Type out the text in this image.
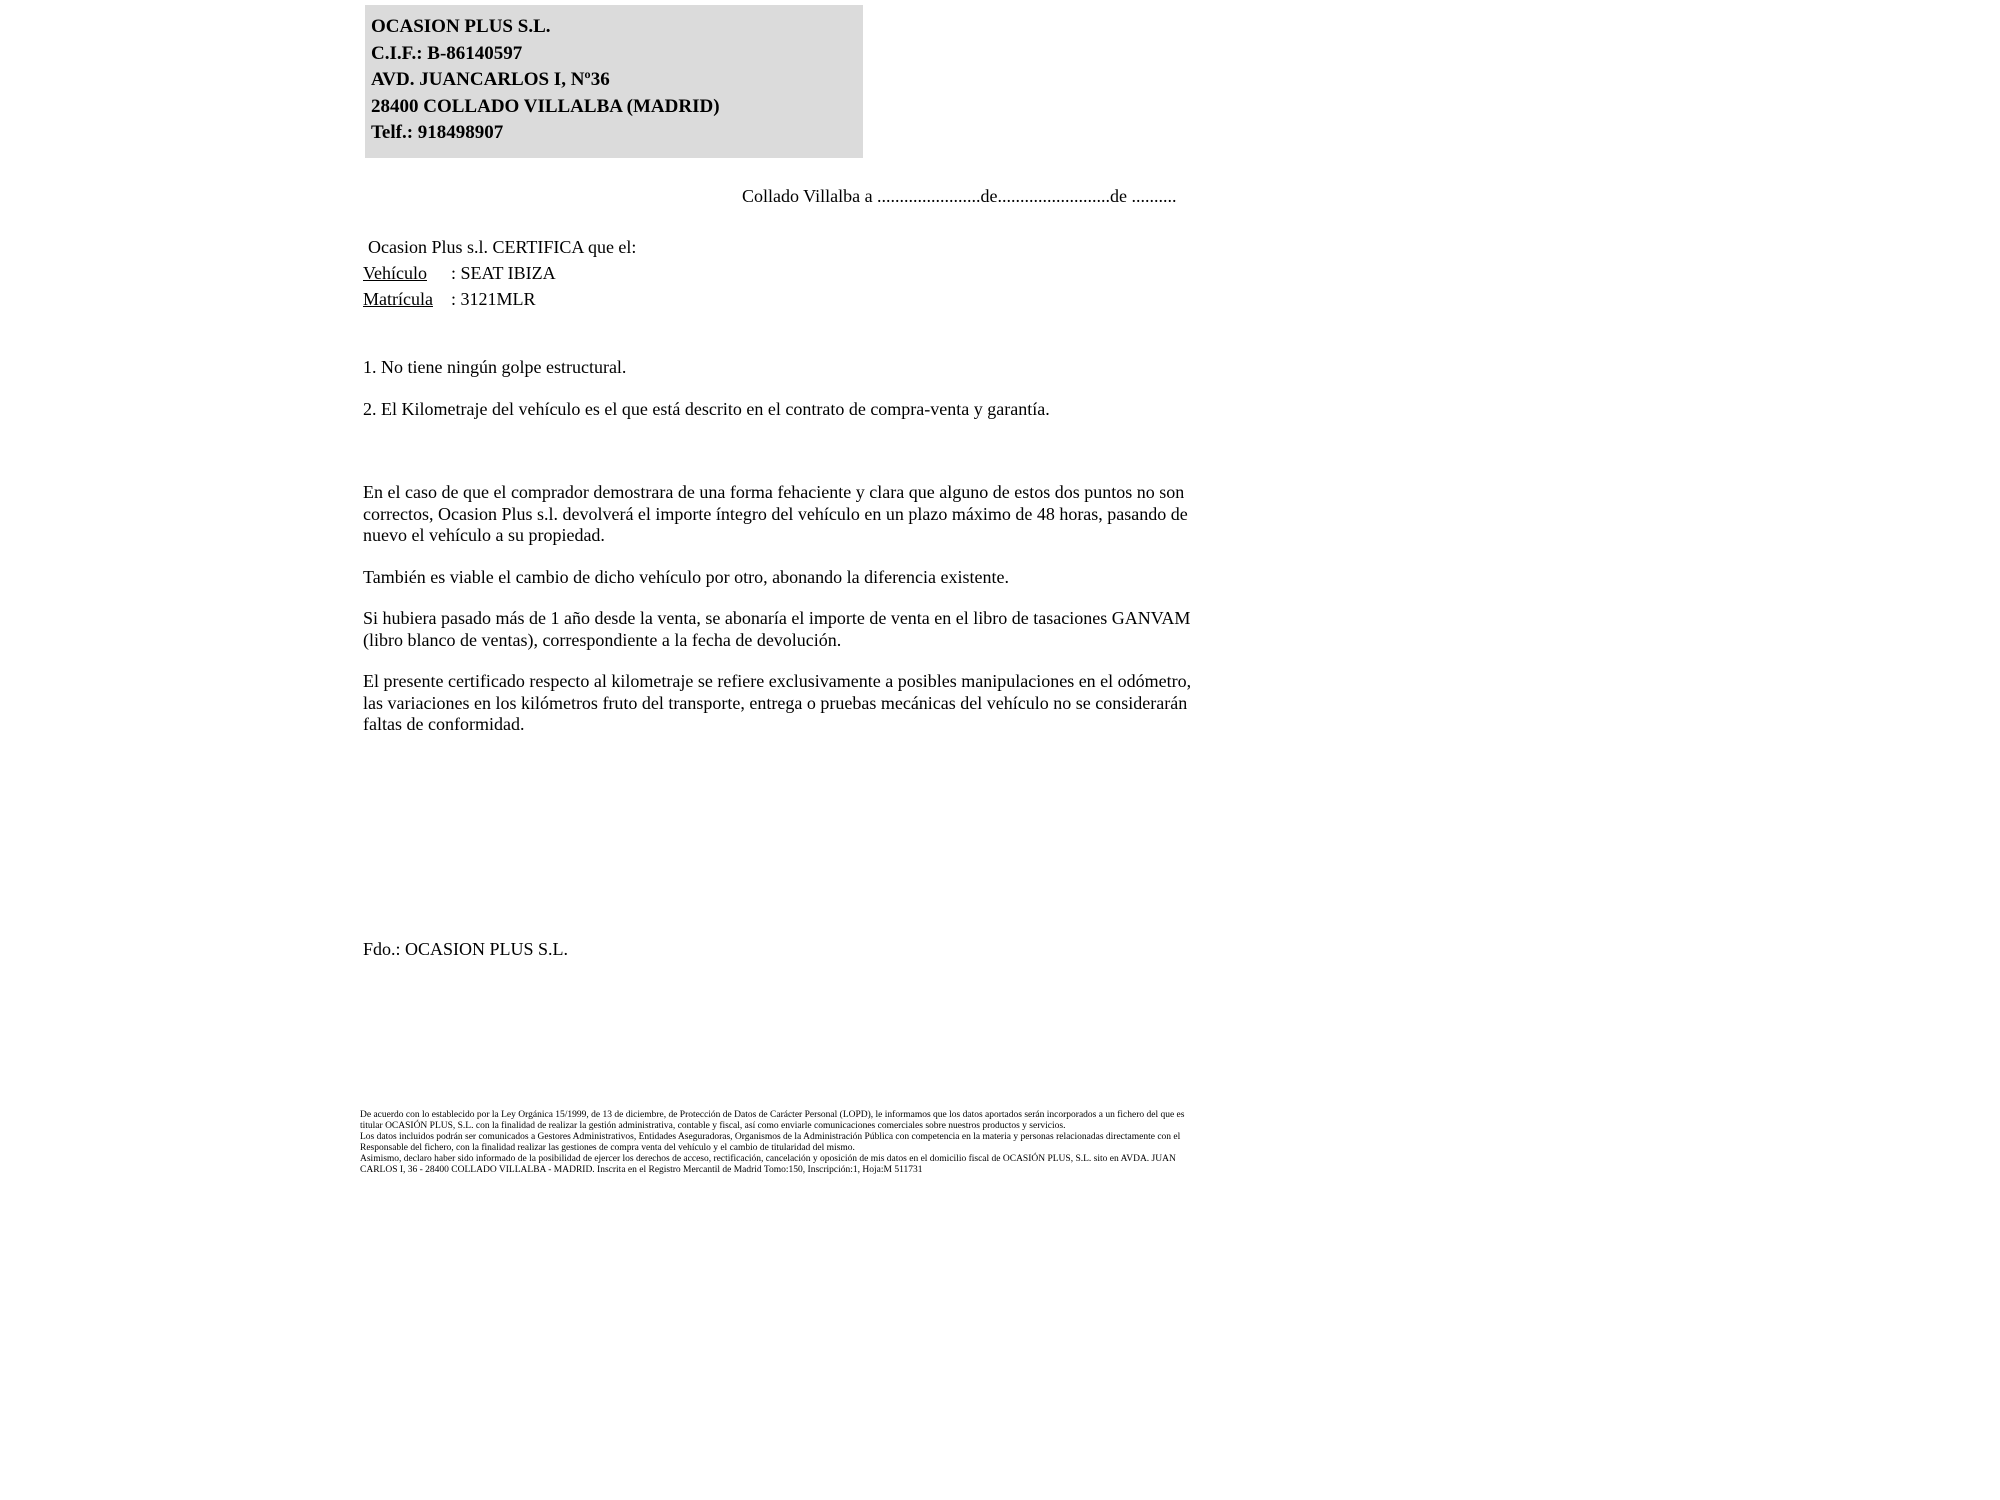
OCASION PLUS S.L.
C.I.F.: B-86140597
AVD. JUANCARLOS I, Nº36
28400 COLLADO VILLALBA (MADRID)
Telf.: 918498907
Collado Villalba a .......................de.........................de ..........
Ocasion Plus s.l. CERTIFICA que el:
Vehículo : SEAT IBIZA
Matrícula : 3121MLR

1. No tiene ningún golpe estructural.

2. El Kilometraje del vehículo es el que está descrito en el contrato de compra-venta y garantía.

En el caso de que el comprador demostrara de una forma fehaciente y clara que alguno de estos dos puntos no son correctos, Ocasion Plus s.l. devolverá el importe íntegro del vehículo en un plazo máximo de 48 horas, pasando de nuevo el vehículo a su propiedad.

También es viable el cambio de dicho vehículo por otro, abonando la diferencia existente.

Si hubiera pasado más de 1 año desde la venta, se abonaría el importe de venta en el libro de tasaciones GANVAM (libro blanco de ventas), correspondiente a la fecha de devolución.

El presente certificado respecto al kilometraje se refiere exclusivamente a posibles manipulaciones en el odómetro, las variaciones en los kilómetros fruto del transporte, entrega o pruebas mecánicas del vehículo no se considerarán faltas de conformidad.

Fdo.: OCASION PLUS S.L.

De acuerdo con lo establecido por la Ley Orgánica 15/1999, de 13 de diciembre, de Protección de Datos de Carácter Personal (LOPD), le informamos que los datos aportados serán incorporados a un fichero del que es titular OCASIÓN PLUS, S.L. con la finalidad de realizar la gestión administrativa, contable y fiscal, así como enviarle comunicaciones comerciales sobre nuestros productos y servicios.

Los datos incluidos podrán ser comunicados a Gestores Administrativos, Entidades Aseguradoras, Organismos de la Administración Pública con competencia en la materia y personas relacionadas directamente con el Responsable del fichero, con la finalidad realizar las gestiones de compra venta del vehículo y el cambio de titularidad del mismo.

Asimismo, declaro haber sido informado de la posibilidad de ejercer los derechos de acceso, rectificación, cancelación y oposición de mis datos en el domicilio fiscal de OCASIÓN PLUS, S.L. sito en AVDA. JUAN CARLOS I, 36 - 28400 COLLADO VILLALBA - MADRID. Inscrita en el Registro Mercantil de Madrid Tomo:150, Inscripción:1, Hoja:M 511731
